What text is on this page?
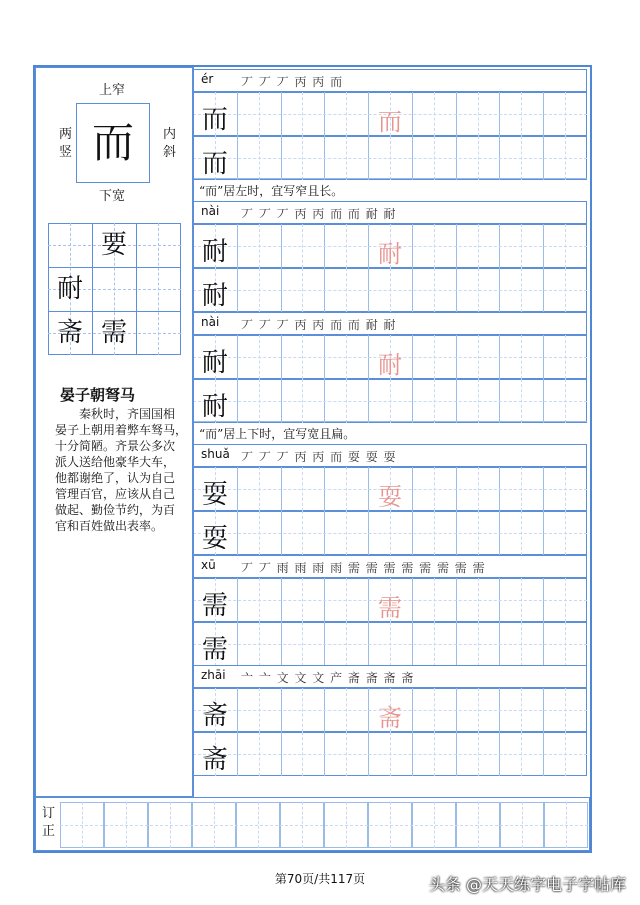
上窄
而
两
竖
内
斜
下宽
要
耐
斋 需
晏子朝弩马
　　秦秋时，齐国国相
晏子上朝用着弊车驽马，
十分简陋。齐景公多次
派人送给他豪华大车，
他都谢绝了，认为自己
管理百官，应该从自己
做起、勤俭节约，为百
官和百姓做出表率。
ér 丆 丆 丆 丙 丙 而
而
而
而
“而”居左时，宜写窄且长。
nài 丆 丆 丆 丙 丙 而 而 耐 耐
耐
耐
耐
nài 丆 丆 丆 丙 丙 而 而 耐 耐
耐
耐
耐
“而”居上下时，宜写宽且扁。
shuǎ 丆 丆 丆 丙 丙 而 耍 耍 耍
耍
耍
耍
xū 丆 丆 雨 雨 雨 雨 需 需 需 需 需 需 需 需
需
需
需
zhāi 亠 亠 文 文 文 产 斋 斋 斋 斋
斋
斋
斋
订
正
第70页/共117页	头条 @天天练字电子字帖库
